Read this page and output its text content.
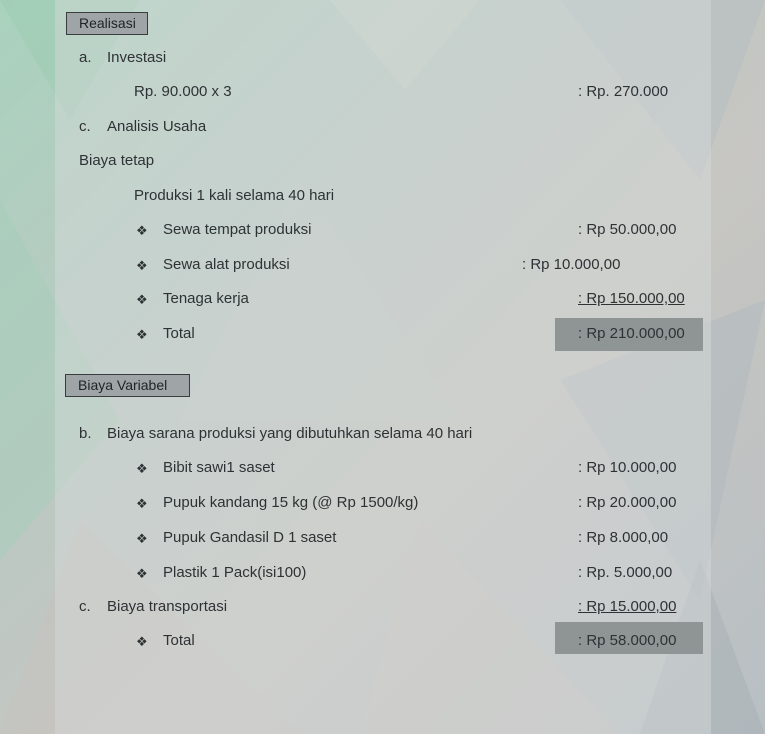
Realisasi
a. Investasi
Rp. 90.000 x 3	: Rp. 270.000
c. Analisis Usaha
Biaya tetap
Produksi 1 kali selama 40 hari
❖ Sewa tempat produksi	: Rp 50.000,00
❖ Sewa alat produksi	: Rp 10.000,00
❖ Tenaga kerja	: Rp 150.000,00
❖ Total	: Rp 210.000,00
Biaya Variabel
b. Biaya sarana produksi yang dibutuhkan selama 40 hari
❖ Bibit sawi1 saset	: Rp 10.000,00
❖ Pupuk kandang 15 kg (@ Rp 1500/kg)	: Rp 20.000,00
❖ Pupuk Gandasil D 1 saset	: Rp 8.000,00
❖ Plastik 1 Pack(isi100)	: Rp. 5.000,00
c. Biaya transportasi	: Rp 15.000,00
❖ Total	: Rp 58.000,00
